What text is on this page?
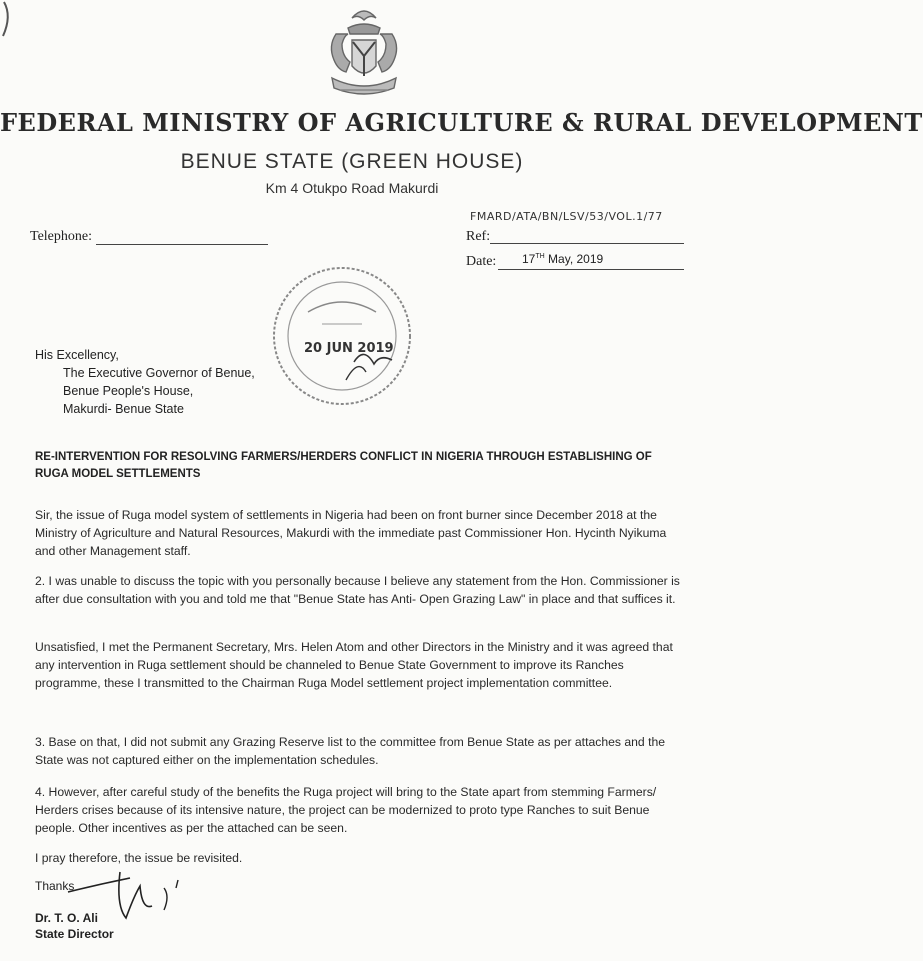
FEDERAL MINISTRY OF AGRICULTURE & RURAL DEVELOPMENT
BENUE STATE (GREEN HOUSE)
Km 4 Otukpo Road Makurdi
FMARD/ATA/BN/LSV/53/VOL.1/77
Telephone:	Ref:
Date: 17TH May, 2019
20 JUN 2019
His Excellency,
The Executive Governor of Benue,
Benue People's House,
Makurdi- Benue State
RE-INTERVENTION FOR RESOLVING FARMERS/HERDERS CONFLICT IN NIGERIA THROUGH ESTABLISHING OF RUGA MODEL SETTLEMENTS
Sir, the issue of Ruga model system of settlements in Nigeria had been on front burner since December 2018 at the Ministry of Agriculture and Natural Resources, Makurdi with the immediate past Commissioner Hon. Hycinth Nyikuma and other Management staff.
2. I was unable to discuss the topic with you personally because I believe any statement from the Hon. Commissioner is after due consultation with you and told me that "Benue State has Anti- Open Grazing Law" in place and that suffices it.
Unsatisfied, I met the Permanent Secretary, Mrs. Helen Atom and other Directors in the Ministry and it was agreed that any intervention in Ruga settlement should be channeled to Benue State Government to improve its Ranches programme, these I transmitted to the Chairman Ruga Model settlement project implementation committee.
3. Base on that, I did not submit any Grazing Reserve list to the committee from Benue State as per attaches and the State was not captured either on the implementation schedules.
4. However, after careful study of the benefits the Ruga project will bring to the State apart from stemming Farmers/ Herders crises because of its intensive nature, the project can be modernized to proto type Ranches to suit Benue people. Other incentives as per the attached can be seen.
I pray therefore, the issue be revisited.
Thanks
Dr. T. O. Ali
State Director
